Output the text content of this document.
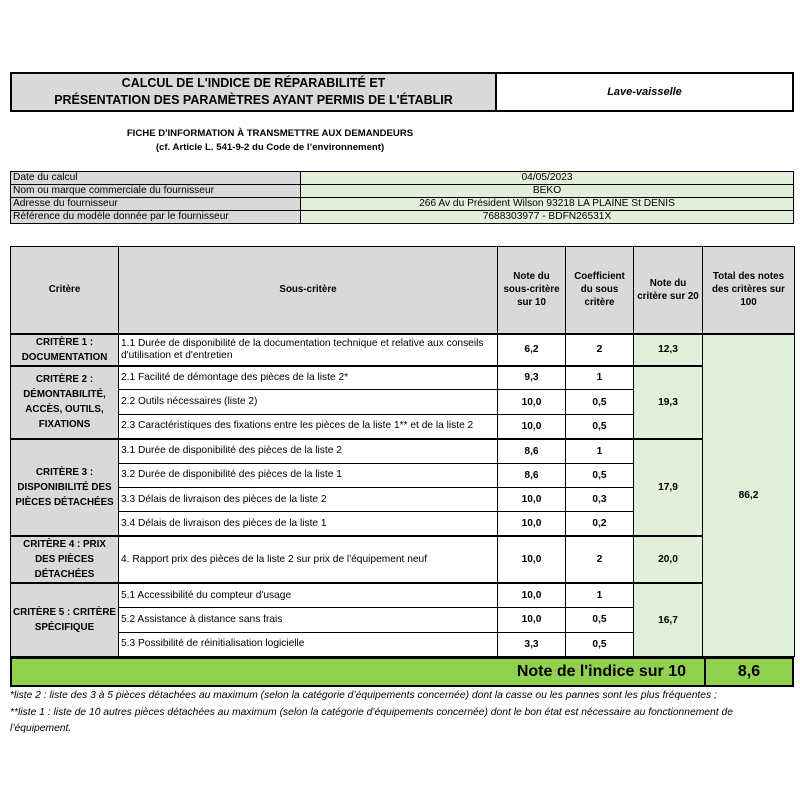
CALCUL DE L'INDICE DE RÉPARABILITÉ ET
PRÉSENTATION DES PARAMÈTRES AYANT PERMIS DE L'ÉTABLIR
Lave-vaisselle
FICHE D'INFORMATION À TRANSMETTRE AUX DEMANDEURS
(cf. Article L. 541-9-2 du Code de l’environnement)
Date du calcul	04/05/2023
Nom ou marque commerciale du fournisseur	BEKO
Adresse du fournisseur	266 Av du Président Wilson 93218 LA PLAINE St DENIS
Référence du modèle donnée par le fournisseur	7688303977 - BDFN26531X
Critère	Sous-critère	Note du sous-critère sur 10	Coefficient du sous critère	Note du critère sur 20	Total des notes des critères sur 100
CRITÈRE 1 : DOCUMENTATION	1.1 Durée de disponibilité de la documentation technique et relative aux conseils d'utilisation et d'entretien	6,2	2	12,3	86,2
CRITÈRE 2 : DÉMONTABILITÉ, ACCÈS, OUTILS, FIXATIONS	2.1 Facilité de démontage des pièces de la liste 2*	9,3	1	19,3	
	2.2 Outils nécessaires (liste 2)	10,0	0,5		
	2.3 Caractéristiques des fixations entre les pièces de la liste 1** et de la liste 2	10,0	0,5		
CRITÈRE 3 : DISPONIBILITÉ DES PIÈCES DÉTACHÉES	3.1 Durée de disponibilité des pièces de la liste 2	8,6	1	17,9	
	3.2 Durée de disponibilité des pièces de la liste 1	8,6	0,5		
	3.3 Délais de livraison des pièces de la liste 2	10,0	0,3		
	3.4 Délais de livraison des pièces de la liste 1	10,0	0,2		
CRITÈRE 4 : PRIX DES PIÈCES DÉTACHÉES	4. Rapport prix des pièces de la liste 2 sur prix de l'équipement neuf	10,0	2	20,0	
CRITÈRE 5 : CRITÈRE SPÉCIFIQUE	5.1 Accessibilité du compteur d'usage	10,0	1	16,7	
	5.2 Assistance à distance sans frais	10,0	0,5		
	5.3 Possibilité de réinitialisation logicielle	3,3	0,5		
Note de l'indice sur 10	8,6
*liste 2 : liste des 3 à 5 pièces détachées au maximum (selon la catégorie d’équipements concernée) dont la casse ou les pannes sont les plus fréquentes ;
**liste 1 : liste de 10 autres pièces détachées au maximum (selon la catégorie d’équipements concernée) dont le bon état est nécessaire au fonctionnement de l’équipement.
